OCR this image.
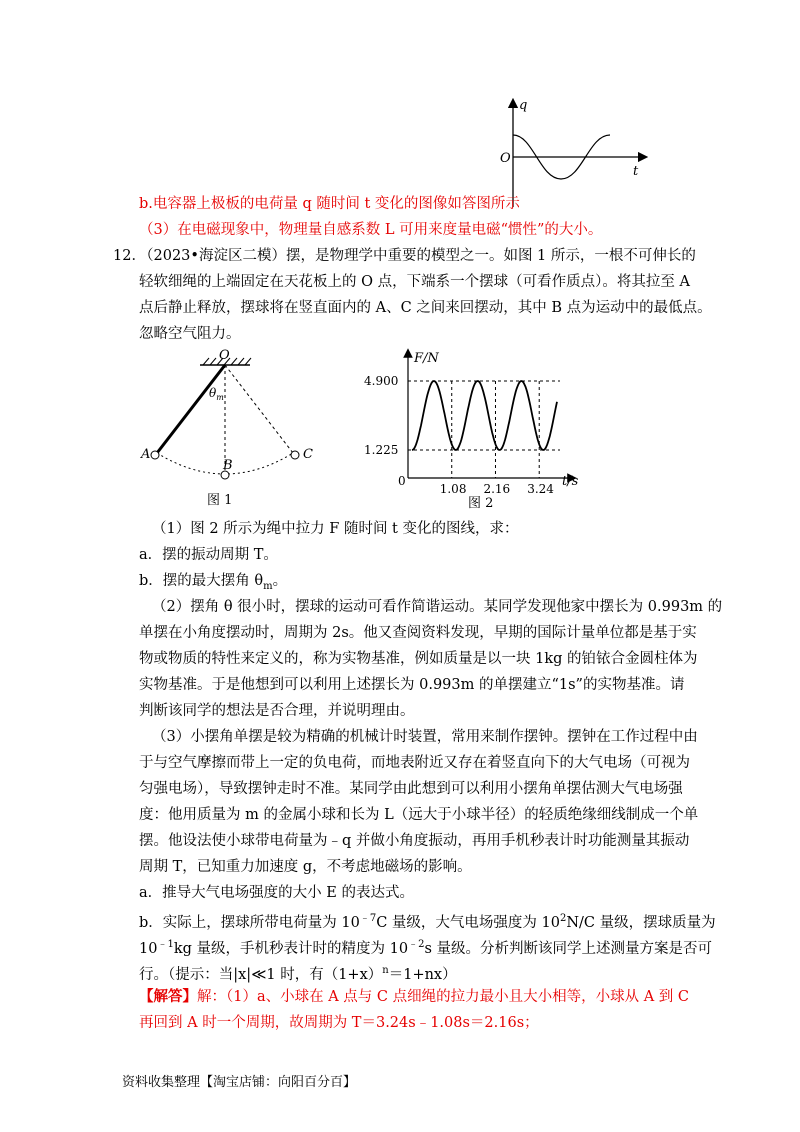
q
O
t
b.电容器上极板的电荷量 q 随时间 t 变化的图像如答图所示
（3）在电磁现象中，物理量自感系数 L 可用来度量电磁“惯性”的大小。
12．
（2023•海淀区二模）摆，是物理学中重要的模型之一。如图 1 所示，一根不可伸长的
轻软细绳的上端固定在天花板上的 O 点，下端系一个摆球（可看作质点）。将其拉至 A
点后静止释放，摆球将在竖直面内的 A、C 之间来回摆动，其中 B 点为运动中的最低点。
忽略空气阻力。
O
$\theta_m$
A
B
C
图 1
F/N
4.900
1.225
0
1.08 2.16 3.24 t/s
图 2
（1）图 2 所示为绳中拉力 F 随时间 t 变化的图线，求：
a．摆的振动周期 T。
b．摆的最大摆角 $\theta_m$。
（2）摆角 θ 很小时，摆球的运动可看作简谐运动。某同学发现他家中摆长为 0.993m 的
单摆在小角度摆动时，周期为 2s。他又查阅资料发现，早期的国际计量单位都是基于实
物或物质的特性来定义的，称为实物基准，例如质量是以一块 1kg 的铂铱合金圆柱体为
实物基准。于是他想到可以利用上述摆长为 0.993m 的单摆建立“1s”的实物基准。请
判断该同学的想法是否合理，并说明理由。
（3）小摆角单摆是较为精确的机械计时装置，常用来制作摆钟。摆钟在工作过程中由
于与空气摩擦而带上一定的负电荷，而地表附近又存在着竖直向下的大气电场（可视为
匀强电场），导致摆钟走时不准。某同学由此想到可以利用小摆角单摆估测大气电场强
度：他用质量为 m 的金属小球和长为 L（远大于小球半径）的轻质绝缘细线制成一个单
摆。他设法使小球带电荷量为﹣q 并做小角度振动，再用手机秒表计时功能测量其振动
周期 T，已知重力加速度 g，不考虑地磁场的影响。
a．推导大气电场强度的大小 E 的表达式。
b．实际上，摆球所带电荷量为 $10^{﹣7}C$ 量级，大气电场强度为 $10^2N/C$ 量级，摆球质量为
$10^{﹣1}kg$ 量级，手机秒表计时的精度为 $10^{﹣2}s$ 量级。分析判断该同学上述测量方案是否可
行。（提示：当|x|≪1 时，有$(1+x)^n=1+nx$）
【解答】解：（1）a、小球在 A 点与 C 点细绳的拉力最小且大小相等，小球从 A 到 C
再回到 A 时一个周期，故周期为 T＝3.24s﹣1.08s＝2.16s；
资料收集整理【淘宝店铺：向阳百分百】
